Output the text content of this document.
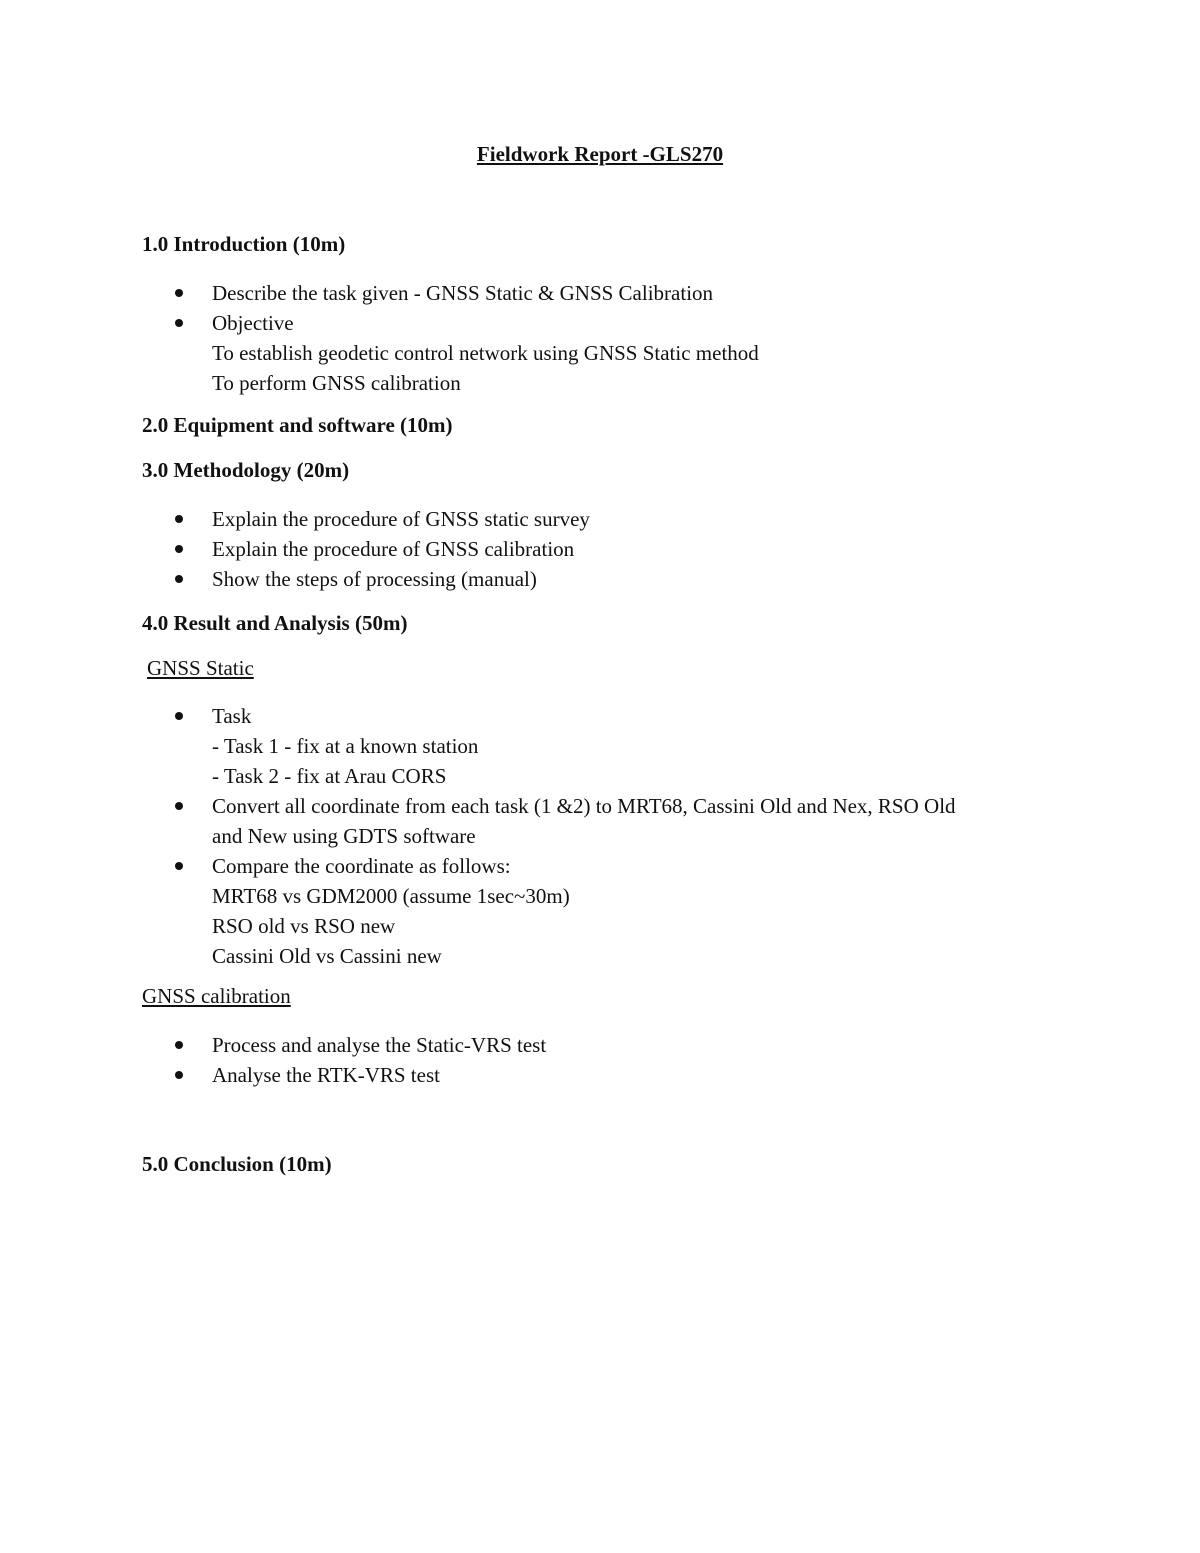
Fieldwork Report -GLS270
1.0 Introduction (10m)
Describe the task given - GNSS Static & GNSS Calibration
Objective
To establish geodetic control network using GNSS Static method
To perform GNSS calibration
2.0 Equipment and software (10m)
3.0 Methodology (20m)
Explain the procedure of GNSS static survey
Explain the procedure of GNSS calibration
Show the steps of processing (manual)
4.0 Result and Analysis (50m)
GNSS Static
Task
- Task 1 - fix at a known station
- Task 2 - fix at Arau CORS
Convert all coordinate from each task (1 &2) to MRT68, Cassini Old and Nex, RSO Old
and New using GDTS software
Compare the coordinate as follows:
MRT68 vs GDM2000 (assume 1sec~30m)
RSO old vs RSO new
Cassini Old vs Cassini new
GNSS calibration
Process and analyse the Static-VRS test
Analyse the RTK-VRS test
5.0 Conclusion (10m)
